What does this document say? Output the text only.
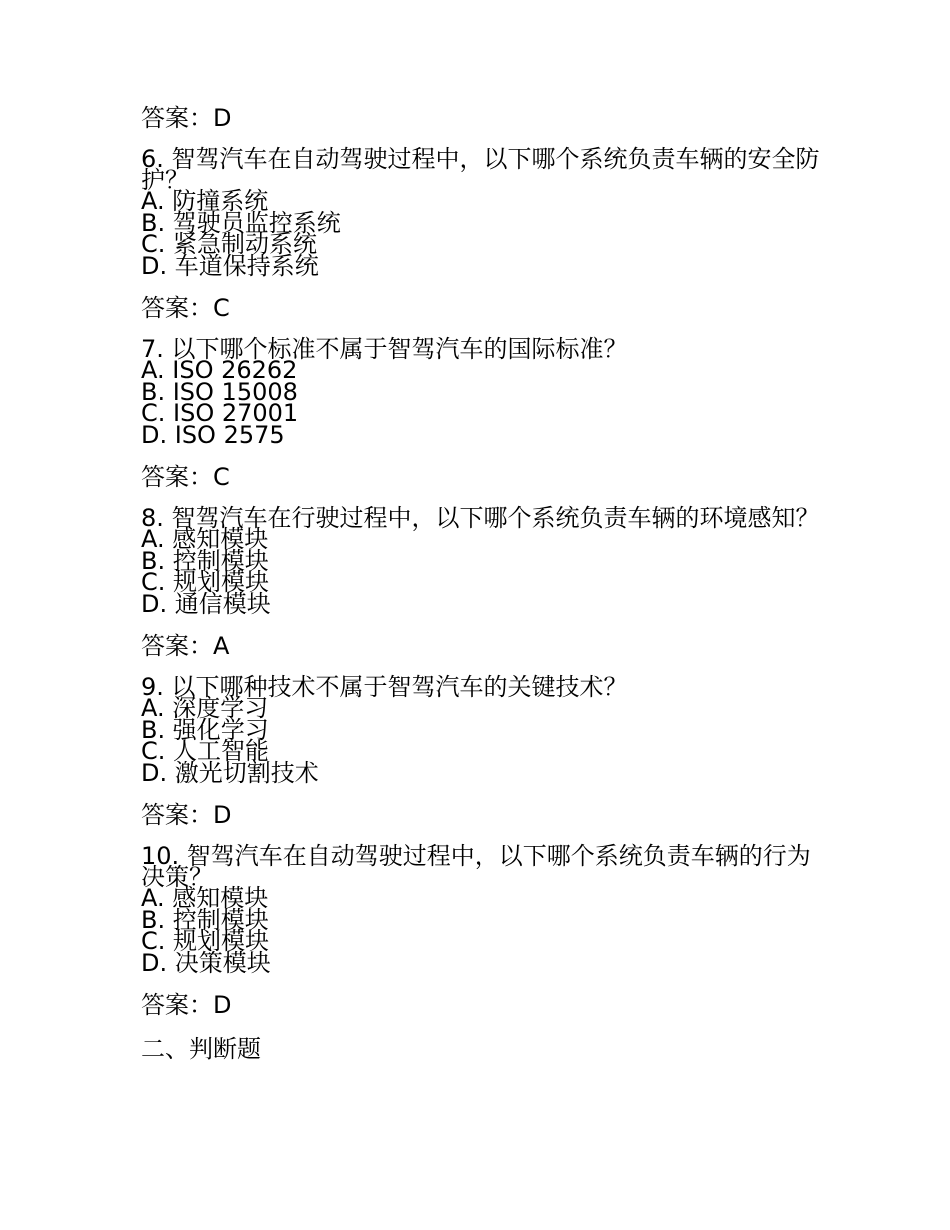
答案：D

6. 智驾汽车在自动驾驶过程中，以下哪个系统负责车辆的安全防护？

A. 防撞系统

B. 驾驶员监控系统

C. 紧急制动系统

D. 车道保持系统

答案：C

7. 以下哪个标准不属于智驾汽车的国际标准？

A. ISO 26262

B. ISO 15008

C. ISO 27001

D. ISO 2575

答案：C

8. 智驾汽车在行驶过程中，以下哪个系统负责车辆的环境感知？

A. 感知模块

B. 控制模块

C. 规划模块

D. 通信模块

答案：A

9. 以下哪种技术不属于智驾汽车的关键技术？

A. 深度学习

B. 强化学习

C. 人工智能

D. 激光切割技术

答案：D

10. 智驾汽车在自动驾驶过程中，以下哪个系统负责车辆的行为决策？

A. 感知模块

B. 控制模块

C. 规划模块

D. 决策模块

答案：D

二、判断题
